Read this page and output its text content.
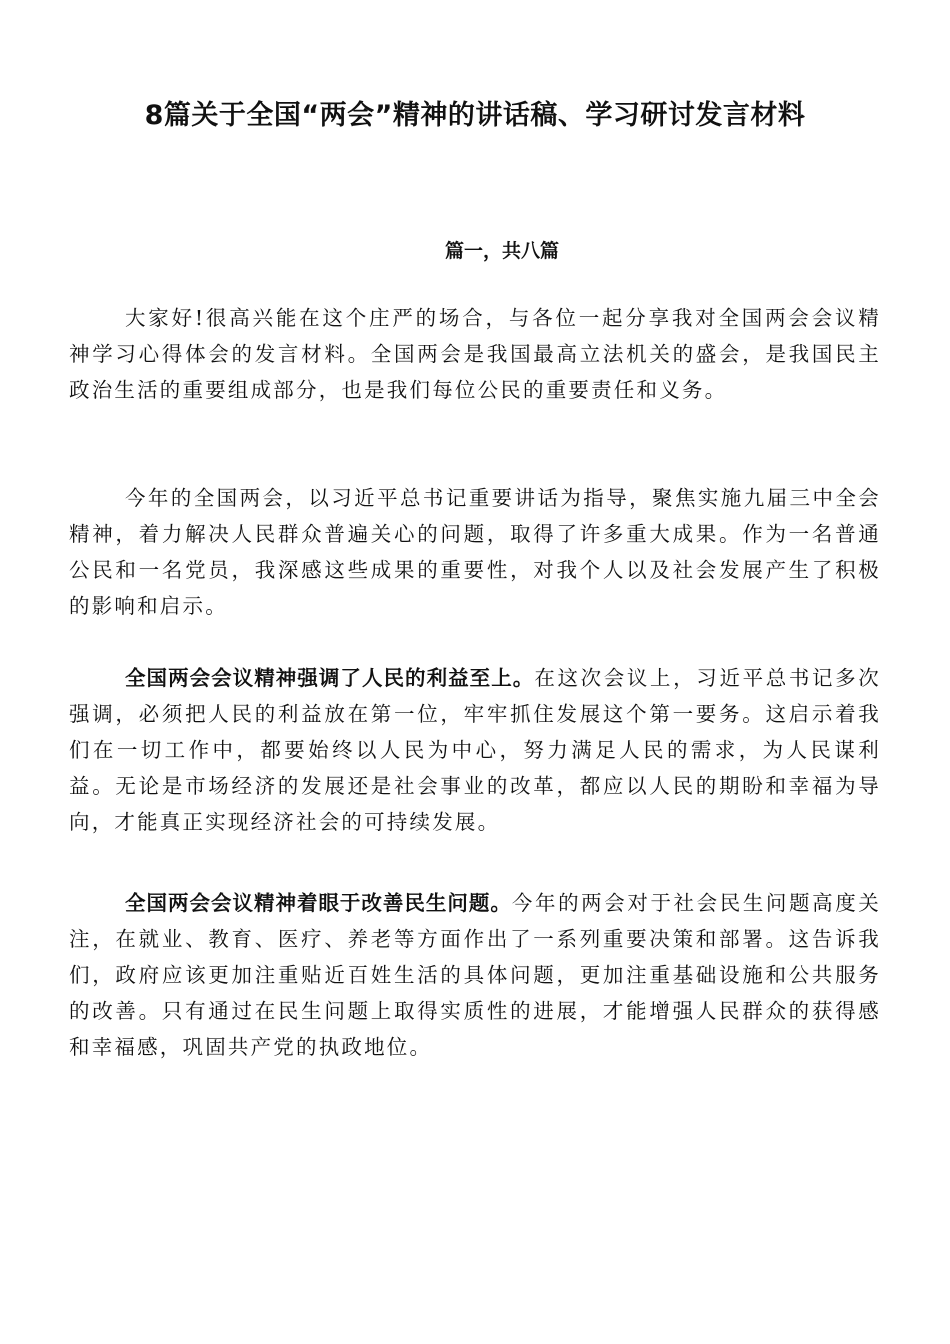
8篇关于全国“两会”精神的讲话稿、学习研讨发言材料
篇一，共八篇

大家好!很高兴能在这个庄严的场合，与各位一起分享我对全国两会会议精神学习心得体会的发言材料。全国两会是我国最高立法机关的盛会，是我国民主政治生活的重要组成部分，也是我们每位公民的重要责任和义务。

今年的全国两会，以习近平总书记重要讲话为指导，聚焦实施九届三中全会精神，着力解决人民群众普遍关心的问题，取得了许多重大成果。作为一名普通公民和一名党员，我深感这些成果的重要性，对我个人以及社会发展产生了积极的影响和启示。

全国两会会议精神强调了人民的利益至上。在这次会议上，习近平总书记多次强调，必须把人民的利益放在第一位，牢牢抓住发展这个第一要务。这启示着我们在一切工作中，都要始终以人民为中心，努力满足人民的需求，为人民谋利益。无论是市场经济的发展还是社会事业的改革，都应以人民的期盼和幸福为导向，才能真正实现经济社会的可持续发展。

全国两会会议精神着眼于改善民生问题。今年的两会对于社会民生问题高度关注，在就业、教育、医疗、养老等方面作出了一系列重要决策和部署。这告诉我们，政府应该更加注重贴近百姓生活的具体问题，更加注重基础设施和公共服务的改善。只有通过在民生问题上取得实质性的进展，才能增强人民群众的获得感和幸福感，巩固共产党的执政地位。
